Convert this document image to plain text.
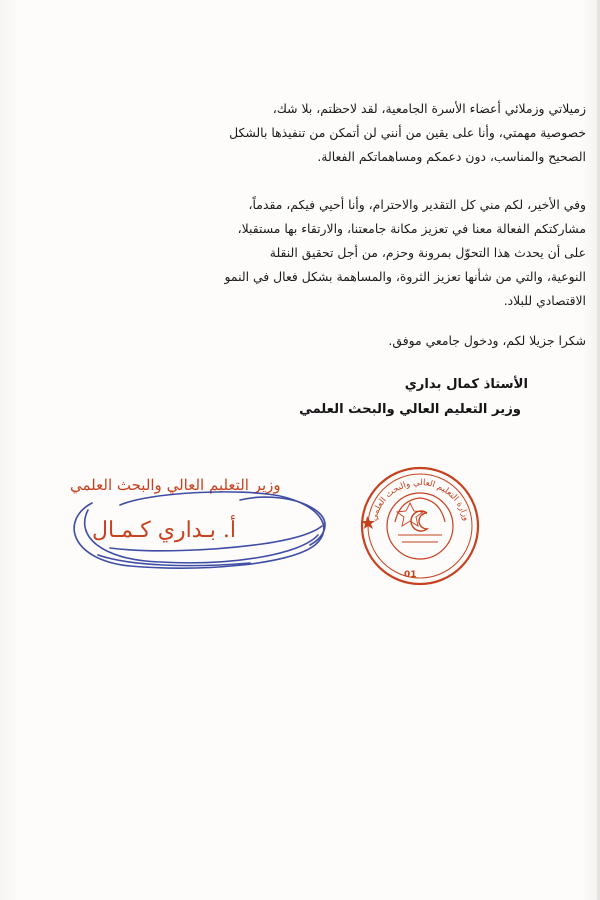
زميلاتي وزملائي أعضاء الأسرة الجامعية، لقد لاحظتم، بلا شك،

خصوصية مهمتي، وأنا على يقين من أنني لن أتمكن من تنفيذها بالشكل

الصحيح والمناسب، دون دعمكم ومساهماتكم الفعالة.

وفي الأخير، لكم مني كل التقدير والاحترام، وأنا أحيي فيكم، مقدماً،

مشاركتكم الفعالة معنا في تعزيز مكانة جامعتنا، والارتقاء بها مستقبلا،

على أن يحدث هذا التحوّل بمرونة وحزم، من أجل تحقيق النقلة

النوعية، والتي من شأنها تعزيز الثروة، والمساهمة بشكل فعال في النمو

الاقتصادي للبلاد.

شكرا جزيلا لكم، ودخول جامعي موفق.

الأستاذ كمال بداري
وزير التعليم العالي والبحث العلمي
وزير التعليم العالي والبحث العلمي
أ. بـداري كـمـال
وزارة التعليم العالي والبحث العلمي
01
